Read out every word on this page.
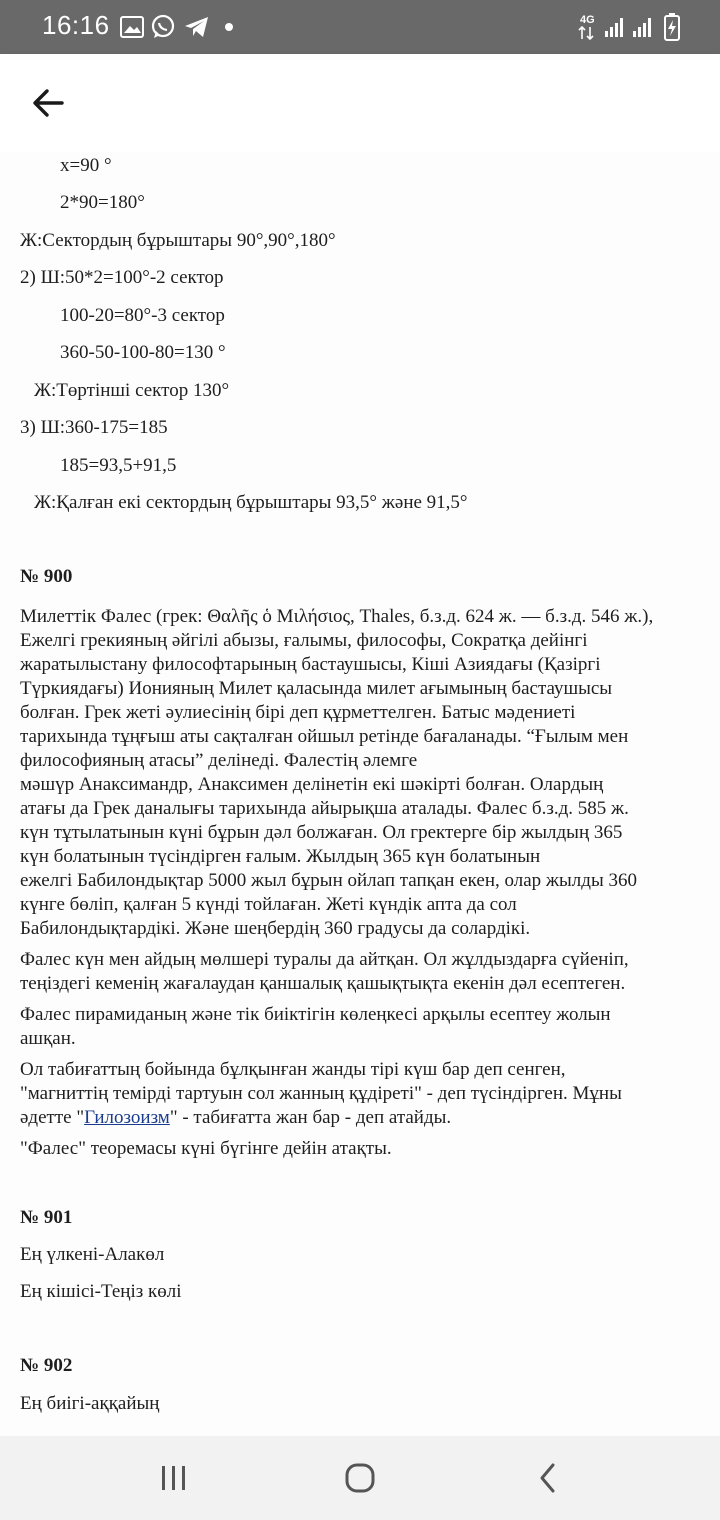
16:16	4G
x=90 °
2*90=180°
Ж:Сектордың бұрыштары 90°,90°,180°
2) Ш:50*2=100°-2 сектор
100-20=80°-3 сектор
360-50-100-80=130 °
Ж:Төртінші сектор 130°
3) Ш:360-175=185
185=93,5+91,5
Ж:Қалған екі сектордың бұрыштары 93,5° және 91,5°
№ 900
Милеттік Фалес (грек: Θαλῆς ὁ Μιλήσιος, Thales, б.з.д. 624 ж. — б.з.д. 546 ж.),
Ежелгі грекияның әйгілі абызы, ғалымы, философы, Сократқа дейінгі
жаратылыстану философтарының бастаушысы, Кіші Азиядағы (Қазіргі
Түркиядағы) Ионияның Милет қаласында милет ағымының бастаушысы
болған. Грек жеті әулиесінің бірі деп құрметтелген. Батыс мәдениеті
тарихында тұңғыш аты сақталған ойшыл ретінде бағаланады. “Ғылым мен
философияның атасы” делінеді. Фалестің әлемге
мәшүр Анаксимандр, Анаксимен делінетін екі шәкірті болған. Олардың
атағы да Грек даналығы тарихында айырықша аталады. Фалес б.з.д. 585 ж.
күн тұтылатынын күні бұрын дәл болжаған. Ол гректерге бір жылдың 365
күн болатынын түсіндірген ғалым. Жылдың 365 күн болатынын
ежелгі Бабилондықтар 5000 жыл бұрын ойлап тапқан екен, олар жылды 360
күнге бөліп, қалған 5 күнді тойлаған. Жеті күндік апта да сол
Бабилондықтардікі. Және шеңбердің 360 градусы да солардікі.
Фалес күн мен айдың мөлшері туралы да айтқан. Ол жұлдыздарға сүйеніп,
теңіздегі кеменің жағалаудан қаншалық қашықтықта екенін дәл есептеген.
Фалес пирамиданың және тік биіктігін көлеңкесі арқылы есептеу жолын
ашқан.
Ол табиғаттың бойында бұлқынған жанды тірі күш бар деп сенген,
"магниттің темірді тартуын сол жанның құдіреті" - деп түсіндірген. Мұны
әдетте "Гилозоизм" - табиғатта жан бар - деп атайды.
"Фалес" теоремасы күні бүгінге дейін атақты.
№ 901
Ең үлкені-Алакөл
Ең кішісі-Теңіз көлі
№ 902
Ең биігі-аққайың
